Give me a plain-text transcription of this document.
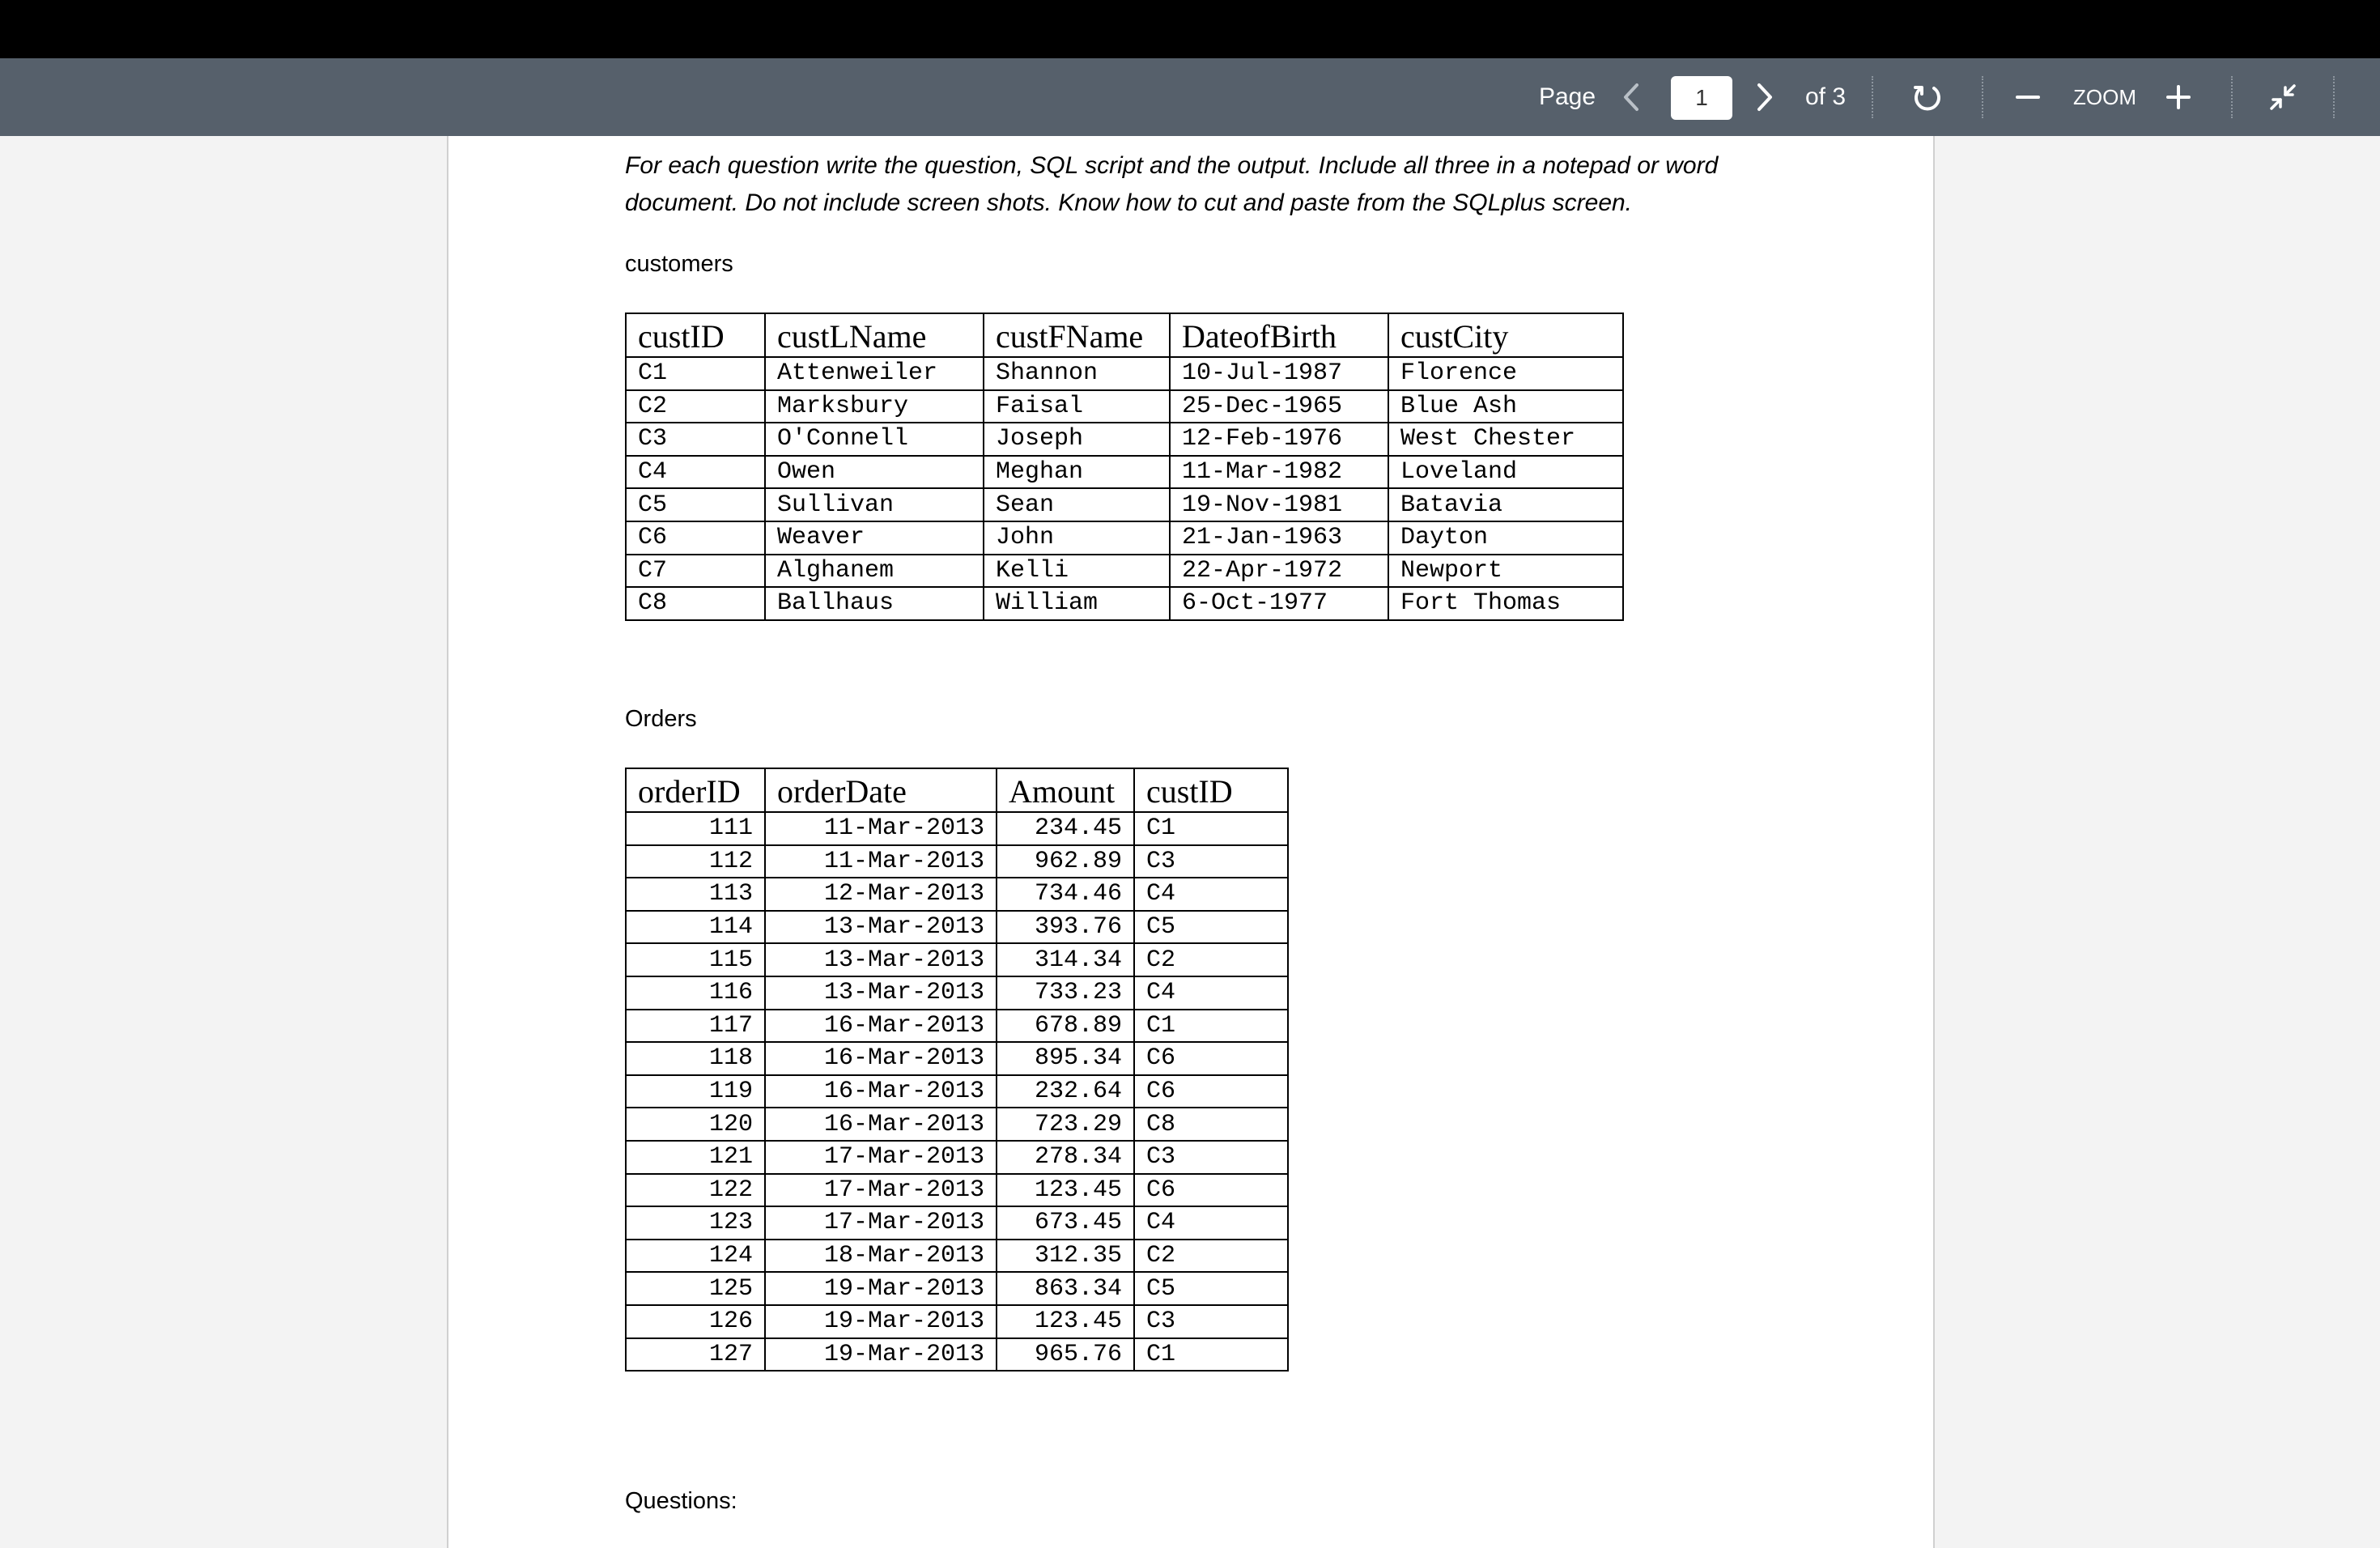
Page
1	of 3	ZOOM
For each question write the question, SQL script and the output. Include all three in a notepad or word
document. Do not include screen shots. Know how to cut and paste from the SQLplus screen.
customers
custID	custLName	custFName	DateofBirth	custCity
C1	Attenweiler	Shannon	10-Jul-1987	Florence
C2	Marksbury	Faisal	25-Dec-1965	Blue Ash
C3	O'Connell	Joseph	12-Feb-1976	West Chester
C4	Owen	Meghan	11-Mar-1982	Loveland
C5	Sullivan	Sean	19-Nov-1981	Batavia
C6	Weaver	John	21-Jan-1963	Dayton
C7	Alghanem	Kelli	22-Apr-1972	Newport
C8	Ballhaus	William	6-Oct-1977	Fort Thomas
Orders
orderID	orderDate	Amount	custID
111	11-Mar-2013	234.45	C1
112	11-Mar-2013	962.89	C3
113	12-Mar-2013	734.46	C4
114	13-Mar-2013	393.76	C5
115	13-Mar-2013	314.34	C2
116	13-Mar-2013	733.23	C4
117	16-Mar-2013	678.89	C1
118	16-Mar-2013	895.34	C6
119	16-Mar-2013	232.64	C6
120	16-Mar-2013	723.29	C8
121	17-Mar-2013	278.34	C3
122	17-Mar-2013	123.45	C6
123	17-Mar-2013	673.45	C4
124	18-Mar-2013	312.35	C2
125	19-Mar-2013	863.34	C5
126	19-Mar-2013	123.45	C3
127	19-Mar-2013	965.76	C1
Questions:
